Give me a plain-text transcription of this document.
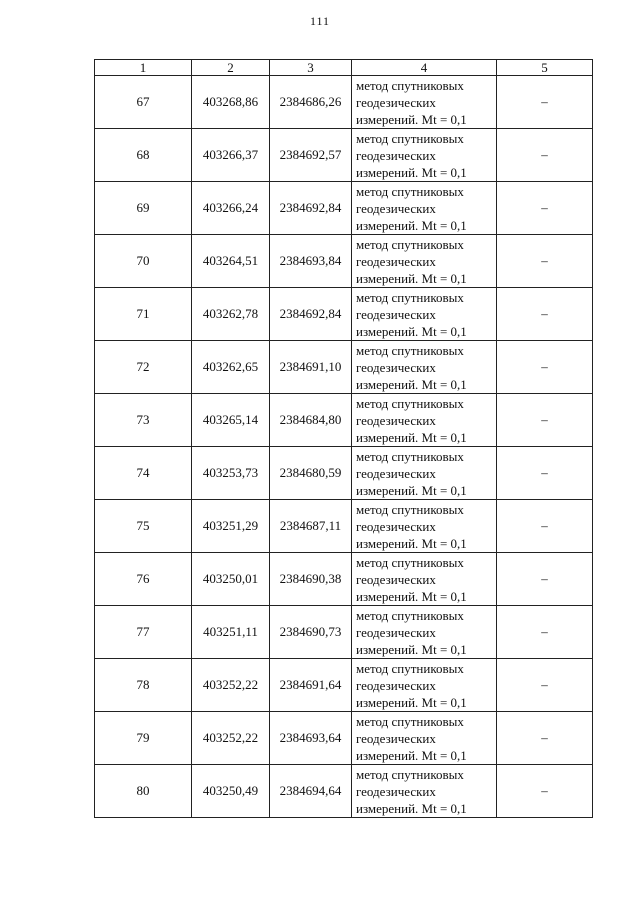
111
1	2	3	4	5
67	403268,86	2384686,26	метод спутниковых
геодезических
измерений. Mt = 0,1	–
68	403266,37	2384692,57	метод спутниковых
геодезических
измерений. Mt = 0,1	–
69	403266,24	2384692,84	метод спутниковых
геодезических
измерений. Mt = 0,1	–
70	403264,51	2384693,84	метод спутниковых
геодезических
измерений. Mt = 0,1	–
71	403262,78	2384692,84	метод спутниковых
геодезических
измерений. Mt = 0,1	–
72	403262,65	2384691,10	метод спутниковых
геодезических
измерений. Mt = 0,1	–
73	403265,14	2384684,80	метод спутниковых
геодезических
измерений. Mt = 0,1	–
74	403253,73	2384680,59	метод спутниковых
геодезических
измерений. Mt = 0,1	–
75	403251,29	2384687,11	метод спутниковых
геодезических
измерений. Mt = 0,1	–
76	403250,01	2384690,38	метод спутниковых
геодезических
измерений. Mt = 0,1	–
77	403251,11	2384690,73	метод спутниковых
геодезических
измерений. Mt = 0,1	–
78	403252,22	2384691,64	метод спутниковых
геодезических
измерений. Mt = 0,1	–
79	403252,22	2384693,64	метод спутниковых
геодезических
измерений. Mt = 0,1	–
80	403250,49	2384694,64	метод спутниковых
геодезических
измерений. Mt = 0,1	–
